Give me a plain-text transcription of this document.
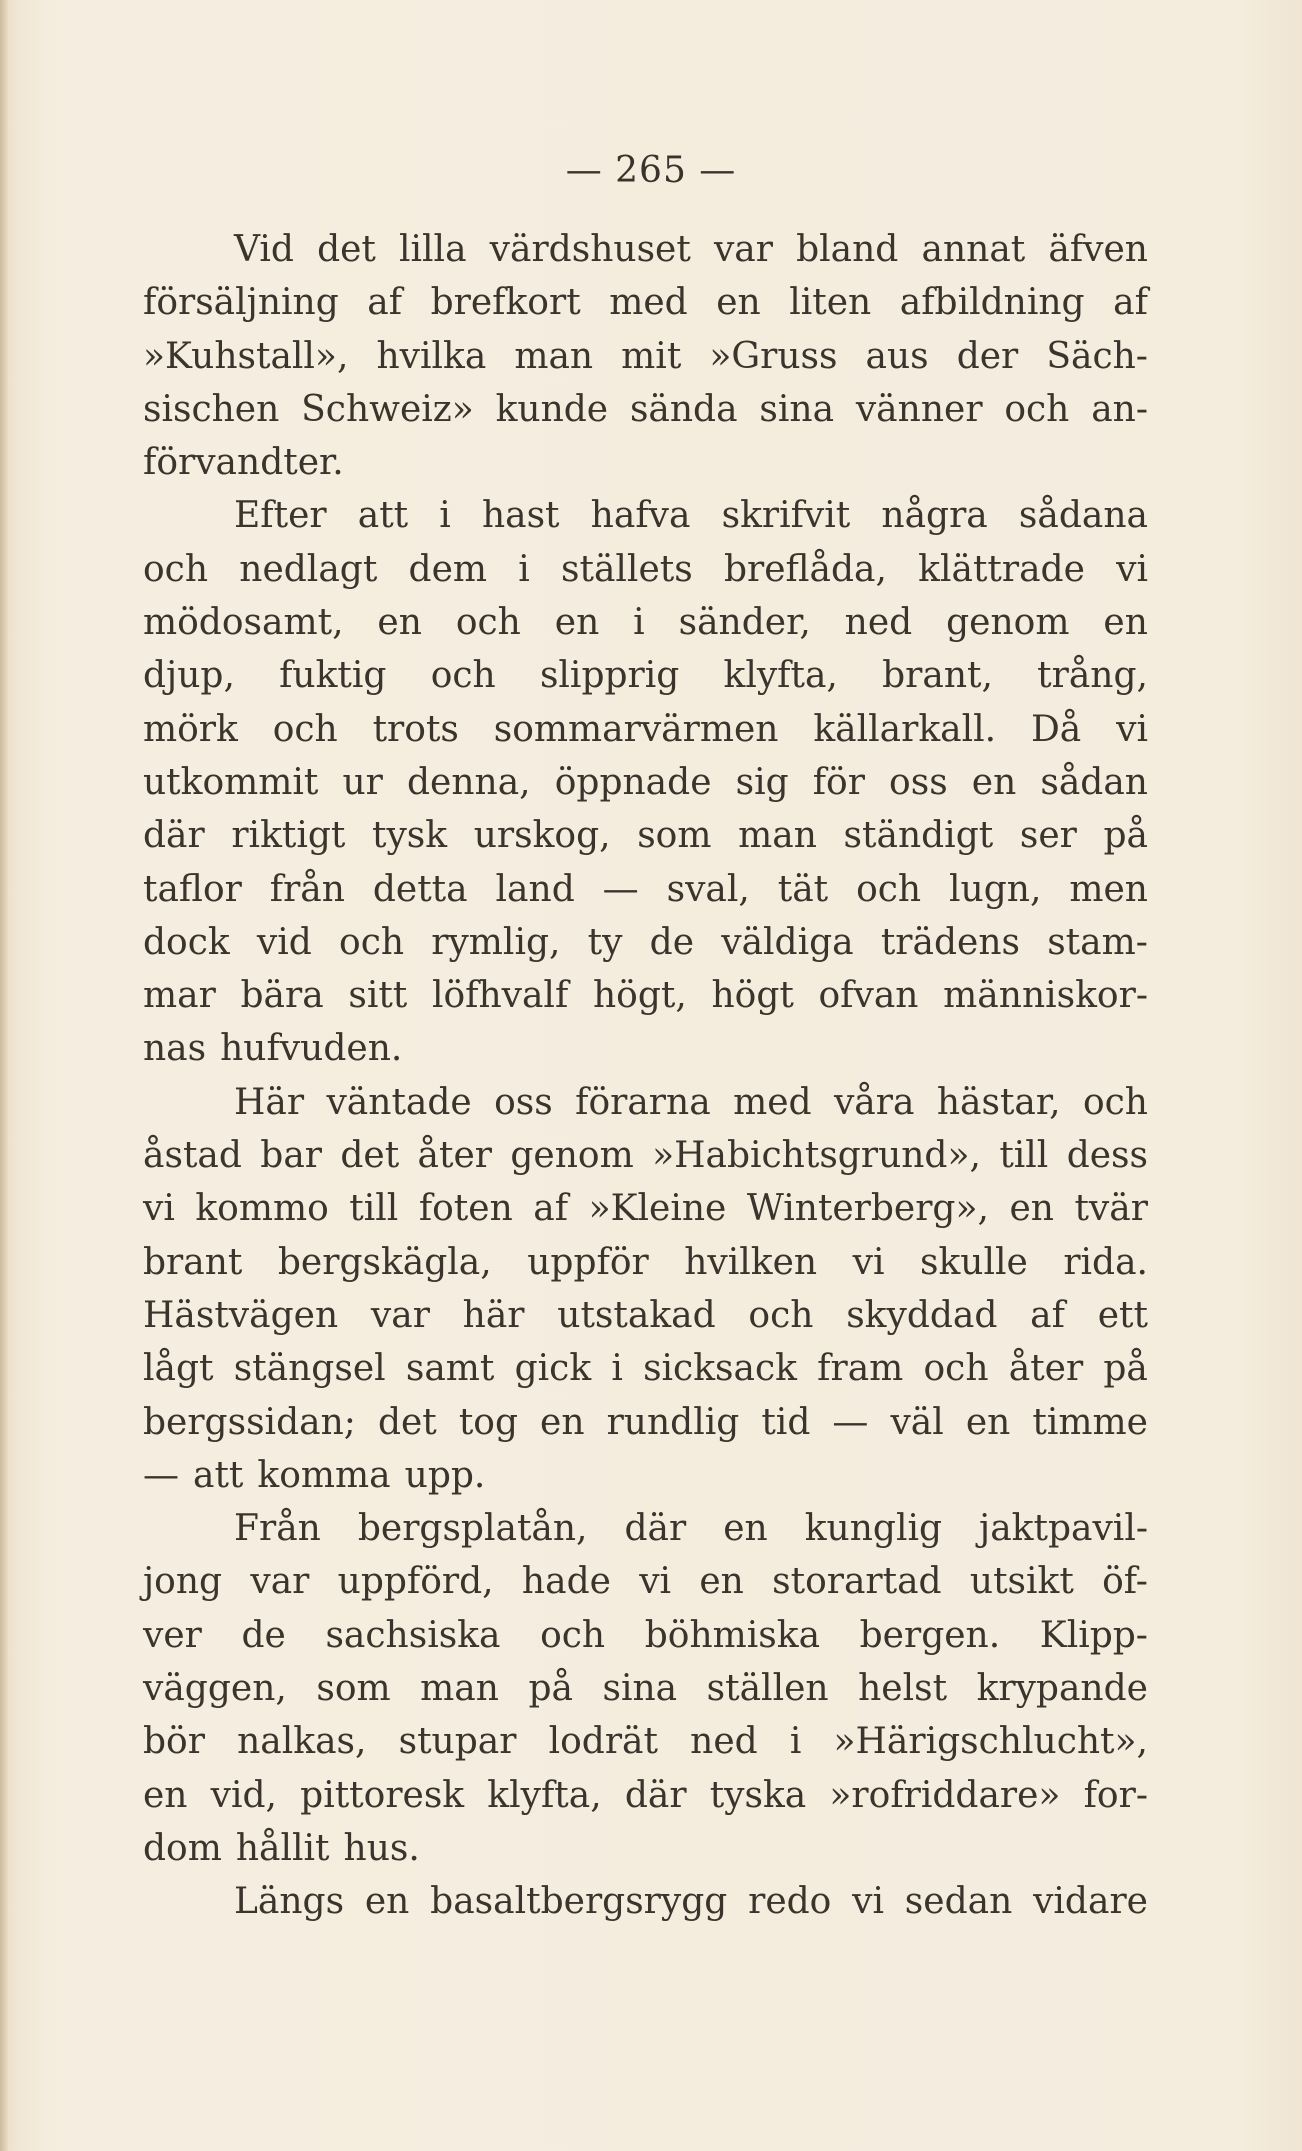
— 265 —
Vid det lilla värdshuset var bland annat äfven
försäljning af brefkort med en liten afbildning af
»Kuhstall», hvilka man mit »Gruss aus der Säch-
sischen Schweiz» kunde sända sina vänner och an-
förvandter.
Efter att i hast hafva skrifvit några sådana
och nedlagt dem i ställets breflåda, klättrade vi
mödosamt, en och en i sänder, ned genom en
djup, fuktig och slipprig klyfta, brant, trång,
mörk och trots sommarvärmen källarkall. Då vi
utkommit ur denna, öppnade sig för oss en sådan
där riktigt tysk urskog, som man ständigt ser på
taflor från detta land — sval, tät och lugn, men
dock vid och rymlig, ty de väldiga trädens stam-
mar bära sitt löfhvalf högt, högt ofvan människor-
nas hufvuden.
Här väntade oss förarna med våra hästar, och
åstad bar det åter genom »Habichtsgrund», till dess
vi kommo till foten af »Kleine Winterberg», en tvär
brant bergskägla, uppför hvilken vi skulle rida.
Hästvägen var här utstakad och skyddad af ett
lågt stängsel samt gick i sicksack fram och åter på
bergssidan; det tog en rundlig tid — väl en timme
— att komma upp.
Från bergsplatån, där en kunglig jaktpavil-
jong var uppförd, hade vi en storartad utsikt öf-
ver de sachsiska och böhmiska bergen. Klipp-
väggen, som man på sina ställen helst krypande
bör nalkas, stupar lodrät ned i »Härigschlucht»,
en vid, pittoresk klyfta, där tyska »rofriddare» for-
dom hållit hus.
Längs en basaltbergsrygg redo vi sedan vidare
